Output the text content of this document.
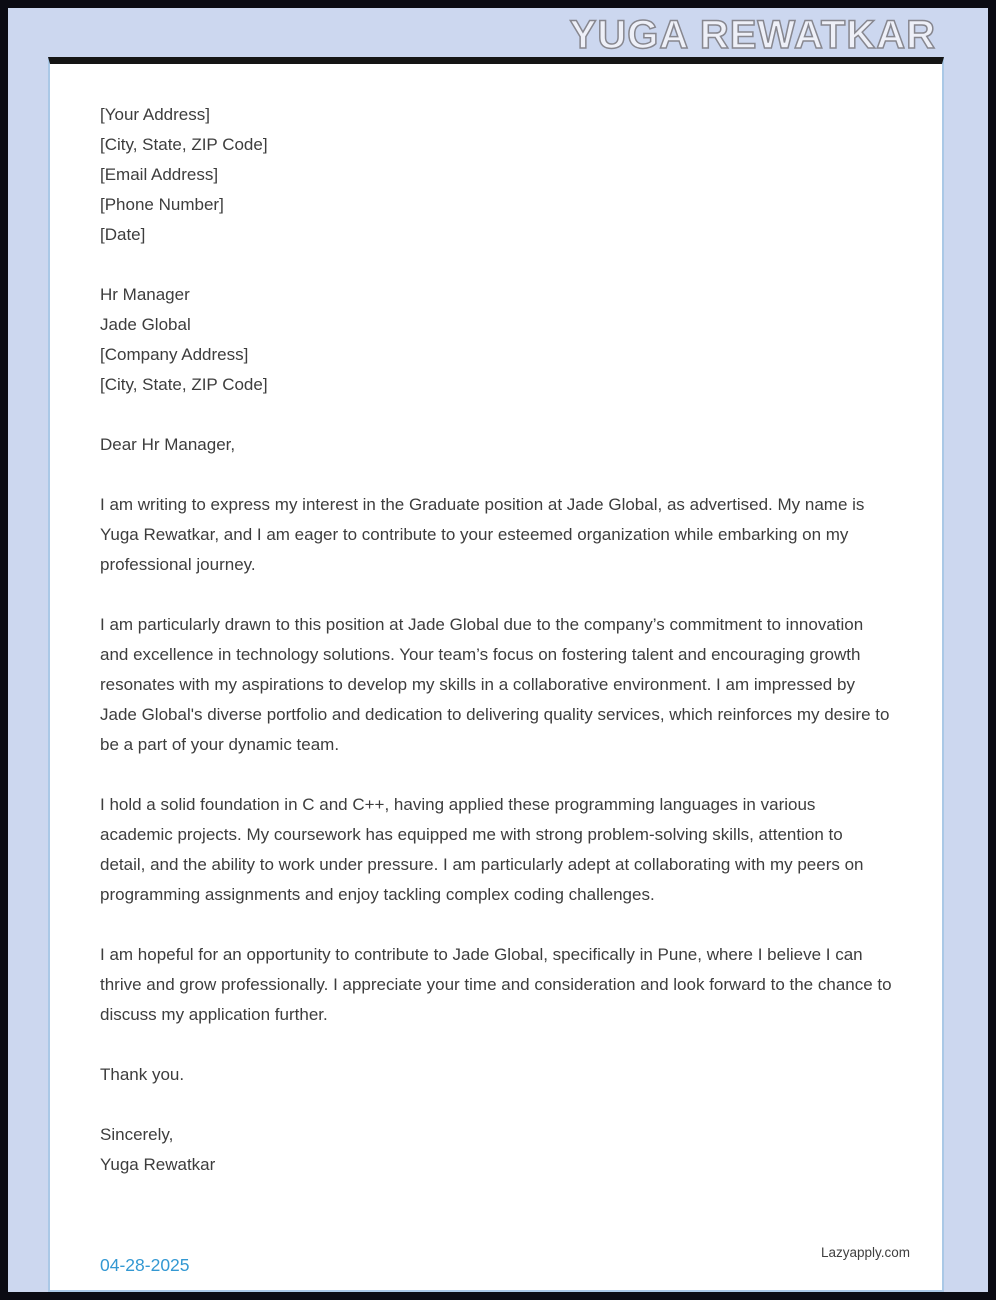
YUGA REWATKAR
[Your Address]
[City, State, ZIP Code]
[Email Address]
[Phone Number]
[Date]
Hr Manager
Jade Global
[Company Address]
[City, State, ZIP Code]

Dear Hr Manager,

I am writing to express my interest in the Graduate position at Jade Global, as advertised. My name is Yuga Rewatkar, and I am eager to contribute to your esteemed organization while embarking on my professional journey.

I am particularly drawn to this position at Jade Global due to the company’s commitment to innovation and excellence in technology solutions. Your team’s focus on fostering talent and encouraging growth resonates with my aspirations to develop my skills in a collaborative environment. I am impressed by Jade Global's diverse portfolio and dedication to delivering quality services, which reinforces my desire to be a part of your dynamic team.

I hold a solid foundation in C and C++, having applied these programming languages in various academic projects. My coursework has equipped me with strong problem-solving skills, attention to detail, and the ability to work under pressure. I am particularly adept at collaborating with my peers on programming assignments and enjoy tackling complex coding challenges.

I am hopeful for an opportunity to contribute to Jade Global, specifically in Pune, where I believe I can thrive and grow professionally. I appreciate your time and consideration and look forward to the chance to discuss my application further.

Thank you.

Sincerely,

Yuga Rewatkar

04-28-2025
Lazyapply.com
